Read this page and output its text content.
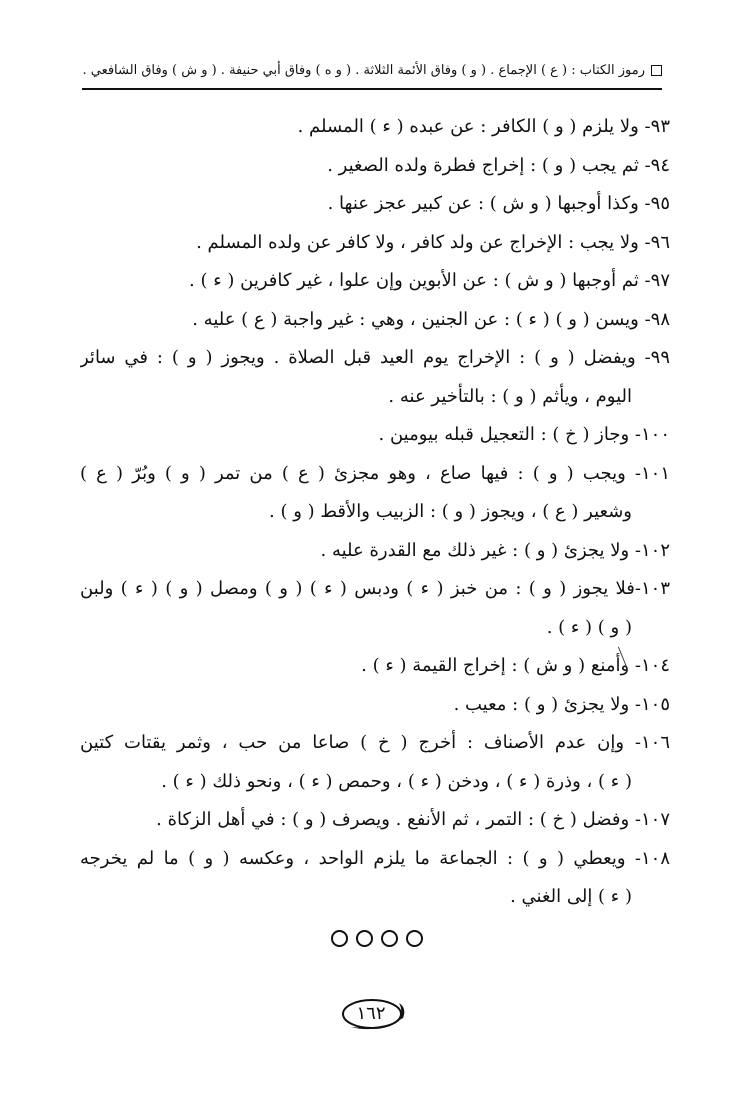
رموز الكتاب : ( ع ) الإجماع . ( و ) وفاق الأئمة الثلاثة . ( و ه ) وفاق أبي حنيفة . ( و ش ) وفاق الشافعي .
٩٣- ولا يلزم ( و ) الكافر : عن عبده ( ء ) المسلم .
٩٤- ثم يجب ( و ) : إخراج فطرة ولده الصغير .
٩٥- وكذا أوجبها ( و ش ) : عن كبير عجز عنها .
٩٦- ولا يجب : الإخراج عن ولد كافر ، ولا كافر عن ولده المسلم .
٩٧- ثم أوجبها ( و ش ) : عن الأبوين وإن علوا ، غير كافرين ( ء ) .
٩٨- ويسن ( و ) ( ء ) : عن الجنين ، وهي : غير واجبة ( ع ) عليه .
٩٩- ويفضل ( و ) : الإخراج يوم العيد قبل الصلاة . ويجوز ( و ) : في سائر
اليوم ، ويأثم ( و ) : بالتأخير عنه .
١٠٠- وجاز ( خ ) : التعجيل قبله بيومين .
١٠١- ويجب ( و ) : فيها صاع ، وهو مجزئ ( ع ) من تمر ( و ) وبُرّ ( ع )
وشعير ( ع ) ، ويجوز ( و ) : الزبيب والأقط ( و ) .
١٠٢- ولا يجزئ ( و ) : غير ذلك مع القدرة عليه .
١٠٣-فلا يجوز ( و ) : من خبز ( ء ) ودبس ( ء ) ( و ) ومصل ( و ) ( ء ) ولبن
( و ) ( ء ) .
١٠٤- وأمنع ( و ش ) : إخراج القيمة ( ء ) .
١٠٥- ولا يجزئ ( و ) : معيب .
١٠٦- وإن عدم الأصناف : أخرج ( خ ) صاعا من حب ، وثمر يقتات كتين
( ء ) ، وذرة ( ء ) ، ودخن ( ء ) ، وحمص ( ء ) ، ونحو ذلك ( ء ) .
١٠٧- وفضل ( خ ) : التمر ، ثم الأنفع . ويصرف ( و ) : في أهل الزكاة .
١٠٨- ويعطي ( و ) : الجماعة ما يلزم الواحد ، وعكسه ( و ) ما لم يخرجه
( ء ) إلى الغني .
١٦٢
